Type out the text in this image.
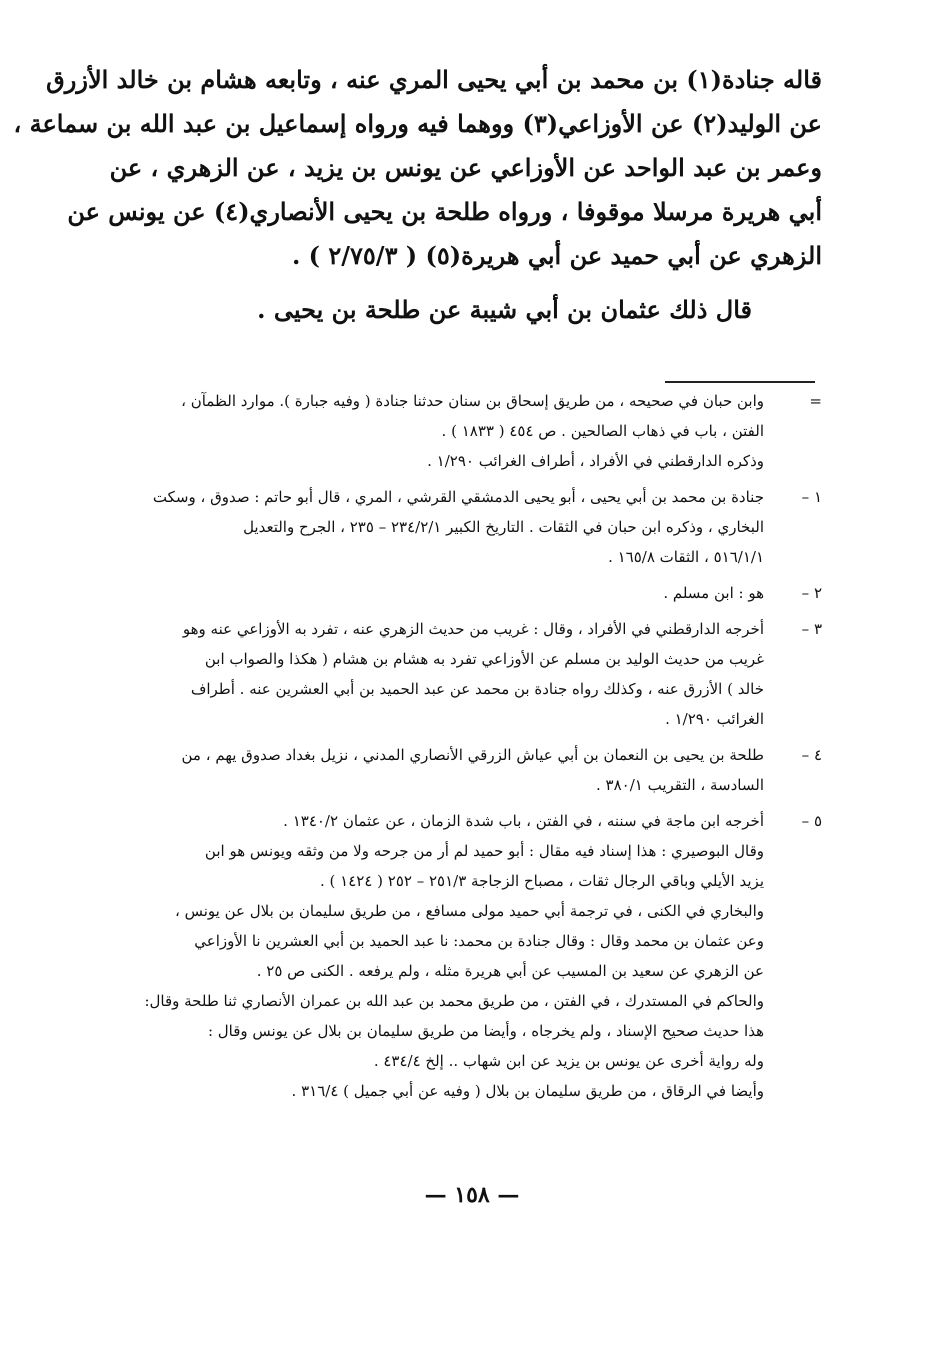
قاله جنادة(١) بن محمد بن أبي يحيى المري عنه ، وتابعه هشام بن خالد الأزرق
عن الوليد(٢) عن الأوزاعي(٣) ووهما فيه ورواه إسماعيل بن عبد الله بن سماعة ،
وعمر بن عبد الواحد عن الأوزاعي عن يونس بن يزيد ، عن الزهري ، عن
أبي هريرة مرسلا موقوفا ، ورواه طلحة بن يحيى الأنصاري(٤) عن يونس عن
الزهري عن أبي حميد عن أبي هريرة(٥) ( ٢/٧٥/٣ ) .

قال ذلك عثمان بن أبي شيبة عن طلحة بن يحيى .

=
وابن حبان في صحيحه ، من طريق إسحاق بن سنان حدثنا جنادة ( وفيه جبارة ). موارد الظمآن ،
الفتن ، باب في ذهاب الصالحين . ص ٤٥٤ ( ١٨٣٣ ) .
وذكره الدارقطني في الأفراد ، أطراف الغرائب ١/٢٩٠ .
١ –
جنادة بن محمد بن أبي يحيى ، أبو يحيى الدمشقي القرشي ، المري ، قال أبو حاتم : صدوق ، وسكت
البخاري ، وذكره ابن حبان في الثقات . التاريخ الكبير ٢٣٤/٢/١ – ٢٣٥ ، الجرح والتعديل
٥١٦/١/١ ، الثقات ١٦٥/٨ .
٢ –
هو : ابن مسلم .
٣ –
أخرجه الدارقطني في الأفراد ، وقال : غريب من حديث الزهري عنه ، تفرد به الأوزاعي عنه وهو
غريب من حديث الوليد بن مسلم عن الأوزاعي تفرد به هشام بن هشام ( هكذا والصواب ابن
خالد ) الأزرق عنه ، وكذلك رواه جنادة بن محمد عن عبد الحميد بن أبي العشرين عنه . أطراف
الغرائب ١/٢٩٠ .
٤ –
طلحة بن يحيى بن النعمان بن أبي عياش الزرقي الأنصاري المدني ، نزيل بغداد صدوق يهم ، من
السادسة ، التقريب ٣٨٠/١ .
٥ –
أخرجه ابن ماجة في سننه ، في الفتن ، باب شدة الزمان ، عن عثمان ١٣٤٠/٢ .
وقال البوصيري : هذا إسناد فيه مقال : أبو حميد لم أر من جرحه ولا من وثقه ويونس هو ابن
يزيد الأيلي وباقي الرجال ثقات ، مصباح الزجاجة ٢٥١/٣ – ٢٥٢ ( ١٤٢٤ ) .
والبخاري في الكنى ، في ترجمة أبي حميد مولى مسافع ، من طريق سليمان بن بلال عن يونس ،
وعن عثمان بن محمد وقال : وقال جنادة بن محمد: نا عبد الحميد بن أبي العشرين نا الأوزاعي
عن الزهري عن سعيد بن المسيب عن أبي هريرة مثله ، ولم يرفعه . الكنى ص ٢٥ .
والحاكم في المستدرك ، في الفتن ، من طريق محمد بن عبد الله بن عمران الأنصاري ثنا طلحة وقال:
هذا حديث صحيح الإسناد ، ولم يخرجاه ، وأيضا من طريق سليمان بن بلال عن يونس وقال :
وله رواية أخرى عن يونس بن يزيد عن ابن شهاب .. إلخ ٤٣٤/٤ .
وأيضا في الرقاق ، من طريق سليمان بن بلال ( وفيه عن أبي جميل ) ٣١٦/٤ .
— ١٥٨ —
